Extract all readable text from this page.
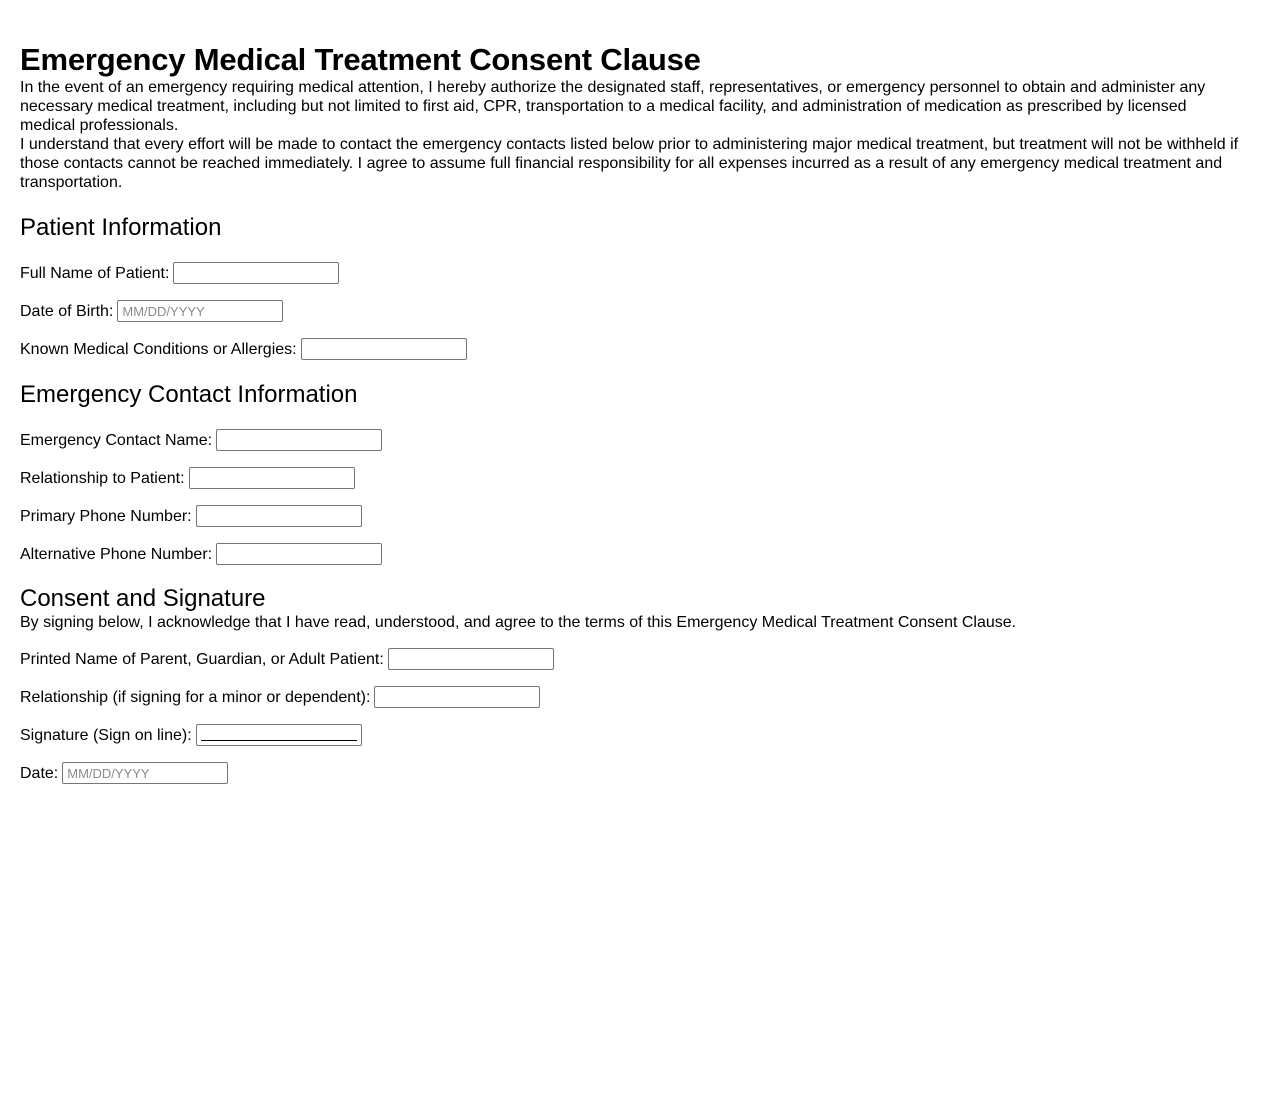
Emergency Medical Treatment Consent Clause

In the event of an emergency requiring medical attention, I hereby authorize the designated staff, representatives, or emergency personnel to obtain and administer any necessary medical treatment, including but not limited to first aid, CPR, transportation to a medical facility, and administration of medication as prescribed by licensed medical professionals.

I understand that every effort will be made to contact the emergency contacts listed below prior to administering major medical treatment, but treatment will not be withheld if those contacts cannot be reached immediately. I agree to assume full financial responsibility for all expenses incurred as a result of any emergency medical treatment and transportation.

Patient Information
Full Name of Patient:
Date of Birth:
MM/DD/YYYY
Known Medical Conditions or Allergies:
Emergency Contact Information
Emergency Contact Name:
Relationship to Patient:
Primary Phone Number:
Alternative Phone Number:
Consent and Signature

By signing below, I acknowledge that I have read, understood, and agree to the terms of this Emergency Medical Treatment Consent Clause.

Printed Name of Parent, Guardian, or Adult Patient:
Relationship (if signing for a minor or dependent):
Signature (Sign on line):
Date:
MM/DD/YYYY
